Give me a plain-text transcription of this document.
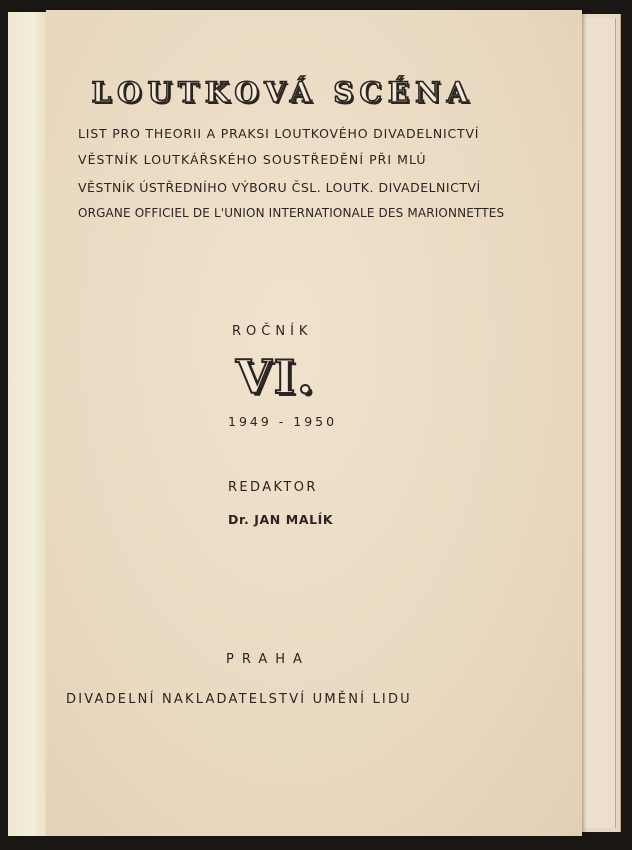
LOUTKOVÁ SCÉNA
LIST PRO THEORII A PRAKSI LOUTKOVÉHO DIVADELNICTVÍ
VĚSTNÍK LOUTKÁŘSKÉHO SOUSTŘEDĚNÍ PŘI MLÚ
VĚSTNÍK ÚSTŘEDNÍHO VÝBORU ČSL. LOUTK. DIVADELNICTVÍ
ORGANE OFFICIEL DE L'UNION INTERNATIONALE DES MARIONNETTES
ROČNÍK
VI.
1949 - 1950
REDAKTOR
Dr. JAN MALÍK
PRAHA
DIVADELNÍ NAKLADATELSTVÍ UMĚNÍ LIDU
